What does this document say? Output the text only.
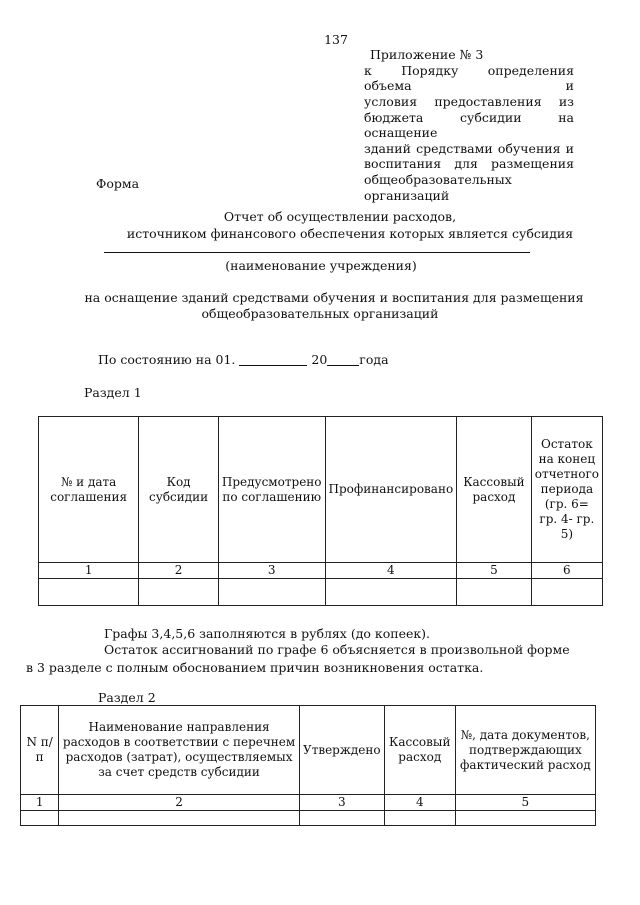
137
Приложение № 3
к Порядку определения объема и
условия предоставления из
бюджета субсидии на оснащение
зданий средствами обучения и
воспитания для размещения
общеобразовательных
организаций
Форма
Отчет об осуществлении расходов,
источником финансового обеспечения которых является субсидия
(наименование учреждения)
на оснащение зданий средствами обучения и воспитания для размещения
общеобразовательных организаций
По состоянию на 01.	20	года
Раздел 1
№ и дата соглашения	Код субсидии	Предусмотрено по соглашению	Профинансировано	Кассовый расход	Остаток на конец отчетного периода (гр. 6= гр. 4- гр. 5)
1	2	3	4	5	6

Графы 3,4,5,6 заполняются в рублях (до копеек).
Остаток ассигнований по графе 6 объясняется в произвольной форме
в 3 разделе с полным обоснованием причин возникновения остатка.
Раздел 2
N п/п	Наименование направления расходов в соответствии с перечнем расходов (затрат), осуществляемых за счет средств субсидии	Утверждено	Кассовый расход	№, дата документов, подтверждающих фактический расход
1	2	3	4	5
